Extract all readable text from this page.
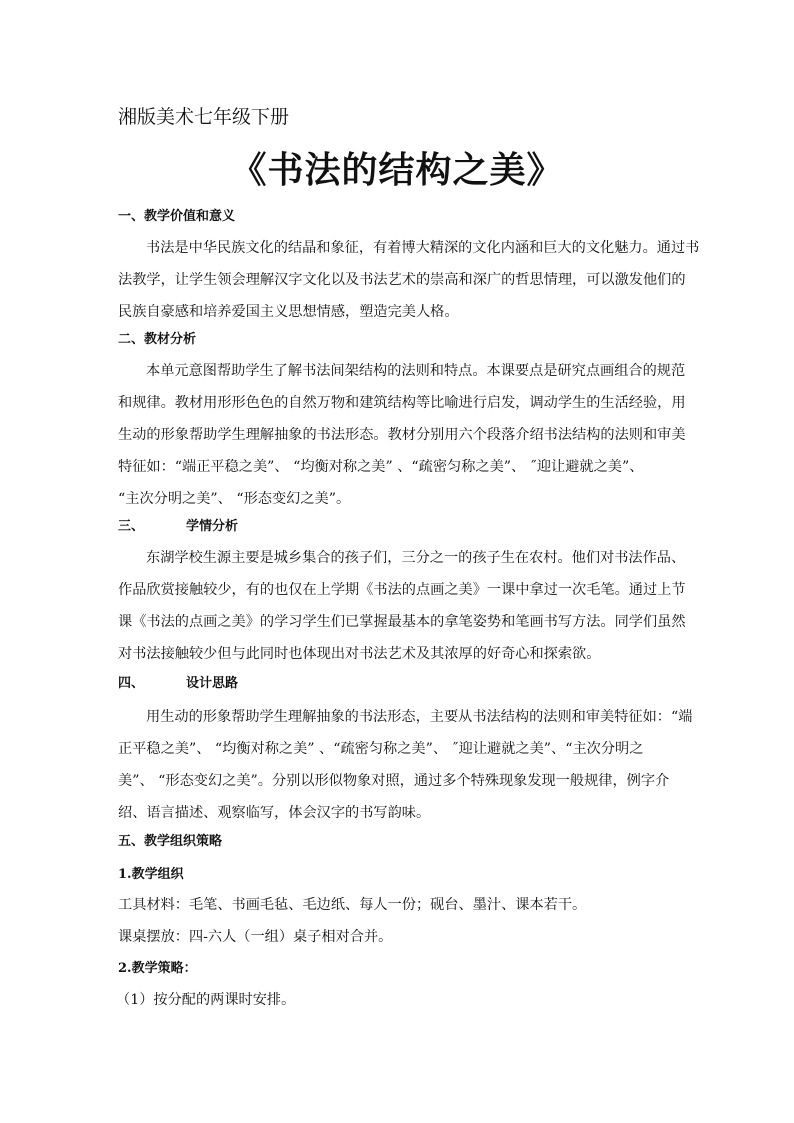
湘版美术七年级下册
《书法的结构之美》
一、教学价值和意义
书法是中华民族文化的结晶和象征，有着博大精深的文化内涵和巨大的文化魅力。通过书
法教学，让学生领会理解汉字文化以及书法艺术的崇高和深广的哲思情理，可以激发他们的
民族自豪感和培养爱国主义思想情感，塑造完美人格。
二、教材分析
本单元意图帮助学生了解书法间架结构的法则和特点。本课要点是研究点画组合的规范
和规律。教材用形形色色的自然万物和建筑结构等比喻进行启发，调动学生的生活经验，用
生动的形象帮助学生理解抽象的书法形态。教材分别用六个段落介绍书法结构的法则和审美
特征如：“端正平稳之美”、 “均衡对称之美” 、“疏密匀称之美”、 ˝迎让避就之美”、
“主次分明之美”、 “形态变幻之美”。
三、	学情分析
东湖学校生源主要是城乡集合的孩子们，三分之一的孩子生在农村。他们对书法作品、
作品欣赏接触较少，有的也仅在上学期《书法的点画之美》一课中拿过一次毛笔。通过上节
课《书法的点画之美》的学习学生们已掌握最基本的拿笔姿势和笔画书写方法。同学们虽然
对书法接触较少但与此同时也体现出对书法艺术及其浓厚的好奇心和探索欲。
四、	设计思路
用生动的形象帮助学生理解抽象的书法形态，主要从书法结构的法则和审美特征如：“端
正平稳之美”、 “均衡对称之美” 、“疏密匀称之美”、 ˝迎让避就之美”、“主次分明之
美”、 “形态变幻之美”。分别以形似物象对照，通过多个特殊现象发现一般规律，例字介
绍、语言描述、观察临写，体会汉字的书写韵味。
五、教学组织策略
1.教学组织
工具材料：毛笔、书画毛毡、毛边纸、每人一份；砚台、墨汁、课本若干。
课桌摆放：四-六人（一组）桌子相对合并。
2.教学策略：
（1）按分配的两课时安排。
